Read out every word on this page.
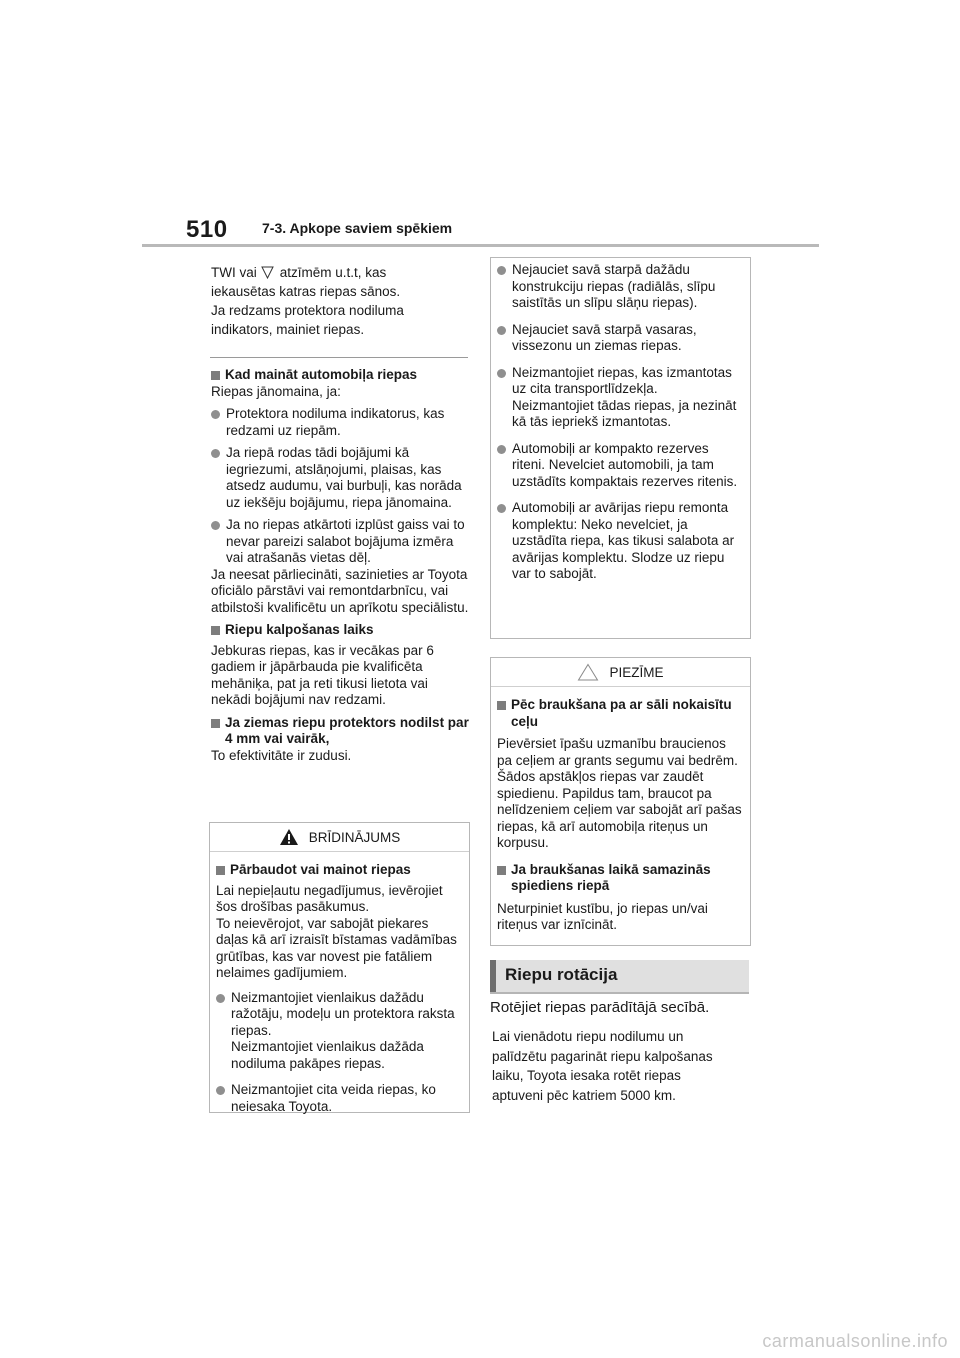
510 7-3. Apkope saviem spēkiem

TWI vai atzīmēm u.t.t, kas

iekausētas katras riepas sānos.

Ja redzams protektora nodiluma

indikators, mainiet riepas.

Kad maināt automobiļa riepas

Riepas jānomaina, ja:

Protektora nodiluma indikatorus, kas redzami uz riepām.
Ja riepā rodas tādi bojājumi kā iegriezumi, atslāņojumi, plaisas, kas atsedz audumu, vai burbuļi, kas norāda uz iekšēju bojājumu, riepa jānomaina.
Ja no riepas atkārtoti izplūst gaiss vai to nevar pareizi salabot bojājuma izmēra vai atrašanās vietas dēļ.

Ja neesat pārliecināti, sazinieties ar Toyota oficiālo pārstāvi vai remontdarbnīcu, vai atbilstoši kvalificētu un aprīkotu speciālistu.

Riepu kalpošanas laiks

Jebkuras riepas, kas ir vecākas par 6 gadiem ir jāpārbauda pie kvalificēta mehāniķa, pat ja reti tikusi lietota vai nekādi bojājumi nav redzami.

Ja ziemas riepu protektors nodilst par 4 mm vai vairāk,

To efektivitāte ir zudusi.

BRĪDINĀJUMS
Pārbaudot vai mainot riepas

Lai nepieļautu negadījumus, ievērojiet šos drošības pasākumus.
To neievērojot, var sabojāt piekares daļas kā arī izraisīt bīstamas vadāmības grūtības, kas var novest pie fatāliem nelaimes gadījumiem.

Neizmantojiet vienlaikus dažādu ražotāju, modeļu un protektora raksta riepas.
Neizmantojiet vienlaikus dažāda nodiluma pakāpes riepas.
Neizmantojiet cita veida riepas, ko neiesaka Toyota.
Nejauciet savā starpā dažādu konstrukciju riepas (radiālās, slīpu saistītās un slīpu slāņu riepas).
Nejauciet savā starpā vasaras, vissezonu un ziemas riepas.
Neizmantojiet riepas, kas izmantotas uz cita transportlīdzekļa.
Neizmantojiet tādas riepas, ja nezināt kā tās iepriekš izmantotas.
Automobiļi ar kompakto rezerves riteni. Nevelciet automobili, ja tam uzstādīts kompaktais rezerves ritenis.
Automobiļi ar avārijas riepu remonta komplektu: Neko nevelciet, ja uzstādīta riepa, kas tikusi salabota ar avārijas komplektu. Slodze uz riepu var to sabojāt.
PIEZĪME
Pēc braukšana pa ar sāli nokaisītu ceļu

Pievērsiet īpašu uzmanību braucienos pa ceļiem ar grants segumu vai bedrēm.
Šādos apstākļos riepas var zaudēt spiedienu. Papildus tam, braucot pa nelīdzeniem ceļiem var sabojāt arī pašas riepas, kā arī automobiļa riteņus un korpusu.

Ja braukšanas laikā samazinās spiediens riepā

Neturpiniet kustību, jo riepas un/vai riteņus var iznīcināt.

Riepu rotācija
Rotējiet riepas parādītājā secībā.

Lai vienādotu riepu nodilumu un

palīdzētu pagarināt riepu kalpošanas

laiku, Toyota iesaka rotēt riepas

aptuveni pēc katriem 5000 km.

carmanualsonline.info
